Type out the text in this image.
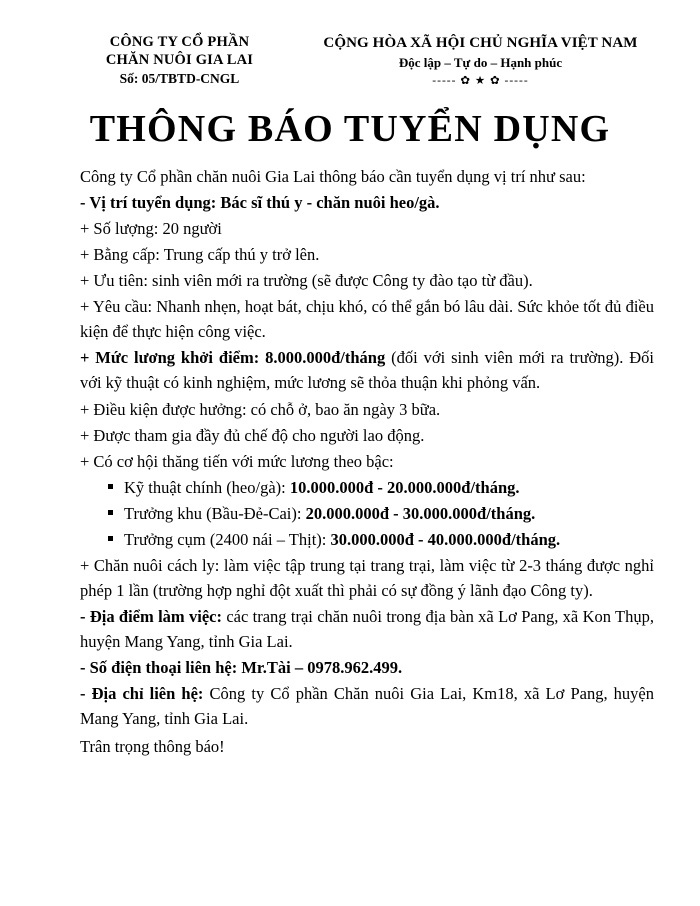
CÔNG TY CỔ PHẦN
CHĂN NUÔI GIA LAI
Số: 05/TBTD-CNGL
CỘNG HÒA XÃ HỘI CHỦ NGHĨA VIỆT NAM
Độc lập – Tự do – Hạnh phúc
----- ✿ ★ ✿ -----
THÔNG BÁO TUYỂN DỤNG

Công ty Cổ phần chăn nuôi Gia Lai thông báo cần tuyển dụng vị trí như sau:

- Vị trí tuyển dụng: Bác sĩ thú y - chăn nuôi heo/gà.

+ Số lượng: 20 người

+ Bằng cấp: Trung cấp thú y trở lên.

+ Ưu tiên: sinh viên mới ra trường (sẽ được Công ty đào tạo từ đầu).

+ Yêu cầu: Nhanh nhẹn, hoạt bát, chịu khó, có thể gắn bó lâu dài. Sức khỏe tốt đủ điều kiện để thực hiện công việc.

+ Mức lương khởi điểm: 8.000.000đ/tháng (đối với sinh viên mới ra trường). Đối với kỹ thuật có kinh nghiệm, mức lương sẽ thỏa thuận khi phỏng vấn.

+ Điều kiện được hưởng: có chỗ ở, bao ăn ngày 3 bữa.

+ Được tham gia đầy đủ chế độ cho người lao động.

+ Có cơ hội thăng tiến với mức lương theo bậc:

Kỹ thuật chính (heo/gà): 10.000.000đ - 20.000.000đ/tháng.

Trưởng khu (Bầu-Đẻ-Cai): 20.000.000đ - 30.000.000đ/tháng.

Trưởng cụm (2400 nái – Thịt): 30.000.000đ - 40.000.000đ/tháng.

+ Chăn nuôi cách ly: làm việc tập trung tại trang trại, làm việc từ 2-3 tháng được nghỉ phép 1 lần (trường hợp nghỉ đột xuất thì phải có sự đồng ý lãnh đạo Công ty).

- Địa điểm làm việc: các trang trại chăn nuôi trong địa bàn xã Lơ Pang, xã Kon Thụp, huyện Mang Yang, tỉnh Gia Lai.

- Số điện thoại liên hệ: Mr.Tài – 0978.962.499.

- Địa chỉ liên hệ: Công ty Cổ phần Chăn nuôi Gia Lai, Km18, xã Lơ Pang, huyện Mang Yang, tỉnh Gia Lai.

Trân trọng thông báo!
